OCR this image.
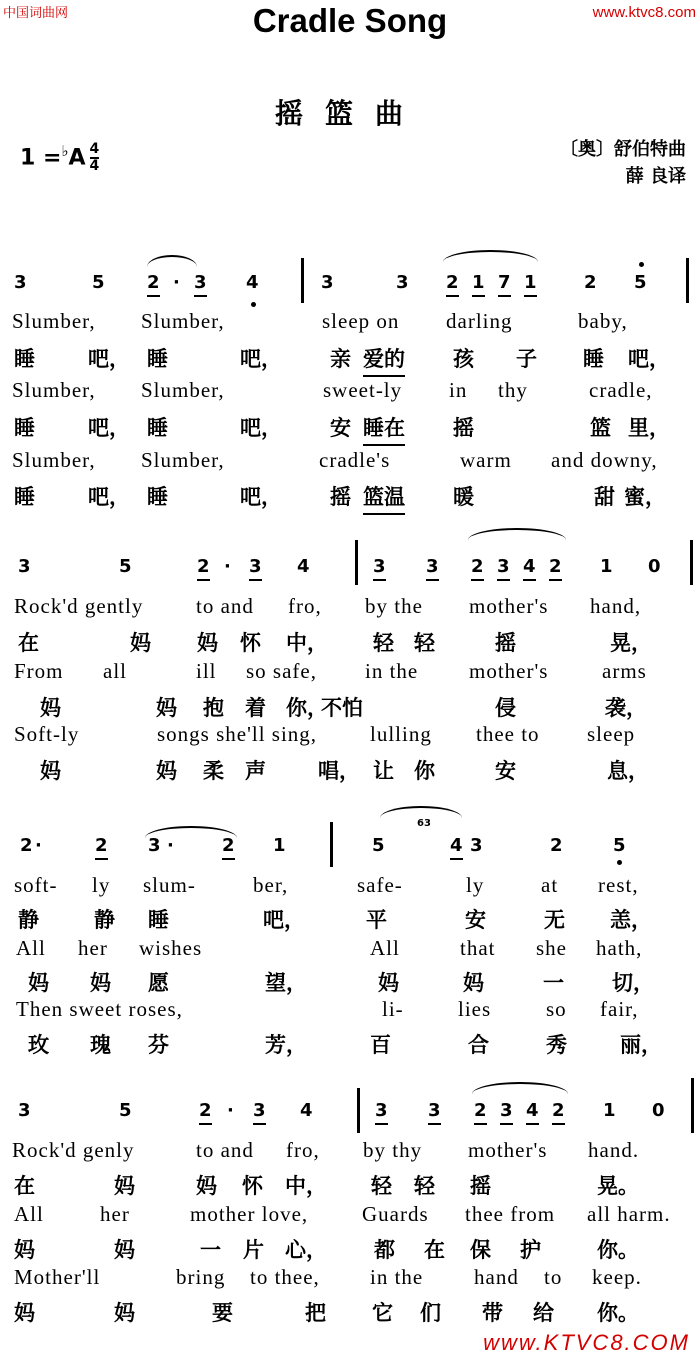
中国词曲网	www.ktvc8.com
Cradle Song
摇篮曲
$1 =^♭A \frac{4}{4}$	〔奥〕舒伯特曲
薛 良译
3	5 2 · 3 4	3	3 2 1 7 1	2 5
Slumber, Slumber,	sleep on darling	baby,
睡	吧， 睡	吧， 亲 爱的 孩 子 睡 吧，
Slumber, Slumber,	sweet-ly in thy	cradle,
睡	吧， 睡	吧， 安 睡在 摇	篮 里，
Slumber, Slumber,	cradle's	warm and downy,
睡	吧， 睡	吧， 摇 篮温 暖	甜 蜜，
3	5	2 · 3 4	3 3 2 3 4 2 1 0
Rock'd gently	to and fro, by the mother's hand,
在	妈 妈 怀 中， 轻 轻	摇	晃，
From all	ill so safe, in the mother's	arms
妈	妈 抱 着 你，
不怕	侵	袭，
Soft-ly	songs she'll sing,	lulling thee to sleep
妈	妈 柔 声 唱， 让 你	安	息，
63
2 ·	2 3 ·	2 1	5	4 3	2	5
soft- ly slum-	ber,	safe-	ly	at rest,
静	静 睡	吧，	平	安	无 恙，
All her wishes	All	that she hath,
妈 妈 愿	望，	妈	妈	一 切，
Then sweet roses,	li-	lies	so fair,
玫 瑰 芬	芳，	百	合	秀	丽，
3	5	2 · 3 4	3 3 2 3 4 2 1 0
Rock'd genly	to and fro, by thy mother's hand.
在	妈	妈 怀 中， 轻 轻 摇	晃。
All	her	mother love,	Guards thee from all harm.
妈	妈	一 片 心， 都 在 保 护	你。
Mother'll	bring to thee, in the hand to keep.
妈	妈	要	把 它 们 带 给 你。
www.KTVC8.COM
